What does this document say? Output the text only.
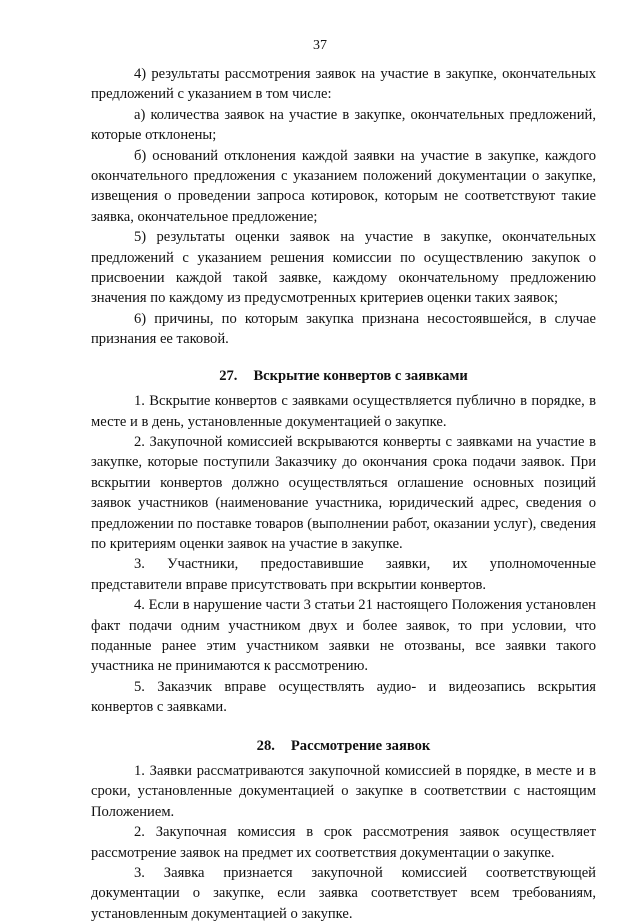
37

4) результаты рассмотрения заявок на участие в закупке, окончательных предложений с указанием в том числе:

а) количества заявок на участие в закупке, окончательных предложений, которые отклонены;

б) оснований отклонения каждой заявки на участие в закупке, каждого окончательного предложения с указанием положений документации о закупке, извещения о проведении запроса котировок, которым не соответствуют такие заявка, окончательное предложение;

5) результаты оценки заявок на участие в закупке, окончательных предложений с указанием решения комиссии по осуществлению закупок о присвоении каждой такой заявке, каждому окончательному предложению значения по каждому из предусмотренных критериев оценки таких заявок;

6) причины, по которым закупка признана несостоявшейся, в случае признания ее таковой.

27. Вскрытие конвертов с заявками

1. Вскрытие конвертов с заявками осуществляется публично в порядке, в месте и в день, установленные документацией о закупке.

2. Закупочной комиссией вскрываются конверты с заявками на участие в закупке, которые поступили Заказчику до окончания срока подачи заявок. При вскрытии конвертов должно осуществляться оглашение основных позиций заявок участников (наименование участника, юридический адрес, сведения о предложении по поставке товаров (выполнении работ, оказании услуг), сведения по критериям оценки заявок на участие в закупке.

3. Участники, предоставившие заявки, их уполномоченные представители вправе присутствовать при вскрытии конвертов.

4. Если в нарушение части 3 статьи 21 настоящего Положения установлен факт подачи одним участником двух и более заявок, то при условии, что поданные ранее этим участником заявки не отозваны, все заявки такого участника не принимаются к рассмотрению.

5. Заказчик вправе осуществлять аудио- и видеозапись вскрытия конвертов с заявками.

28. Рассмотрение заявок

1. Заявки рассматриваются закупочной комиссией в порядке, в месте и в сроки, установленные документацией о закупке в соответствии с настоящим Положением.

2. Закупочная комиссия в срок рассмотрения заявок осуществляет рассмотрение заявок на предмет их соответствия документации о закупке.

3. Заявка признается закупочной комиссией соответствующей документации о закупке, если заявка соответствует всем требованиям, установленным документацией о закупке.
